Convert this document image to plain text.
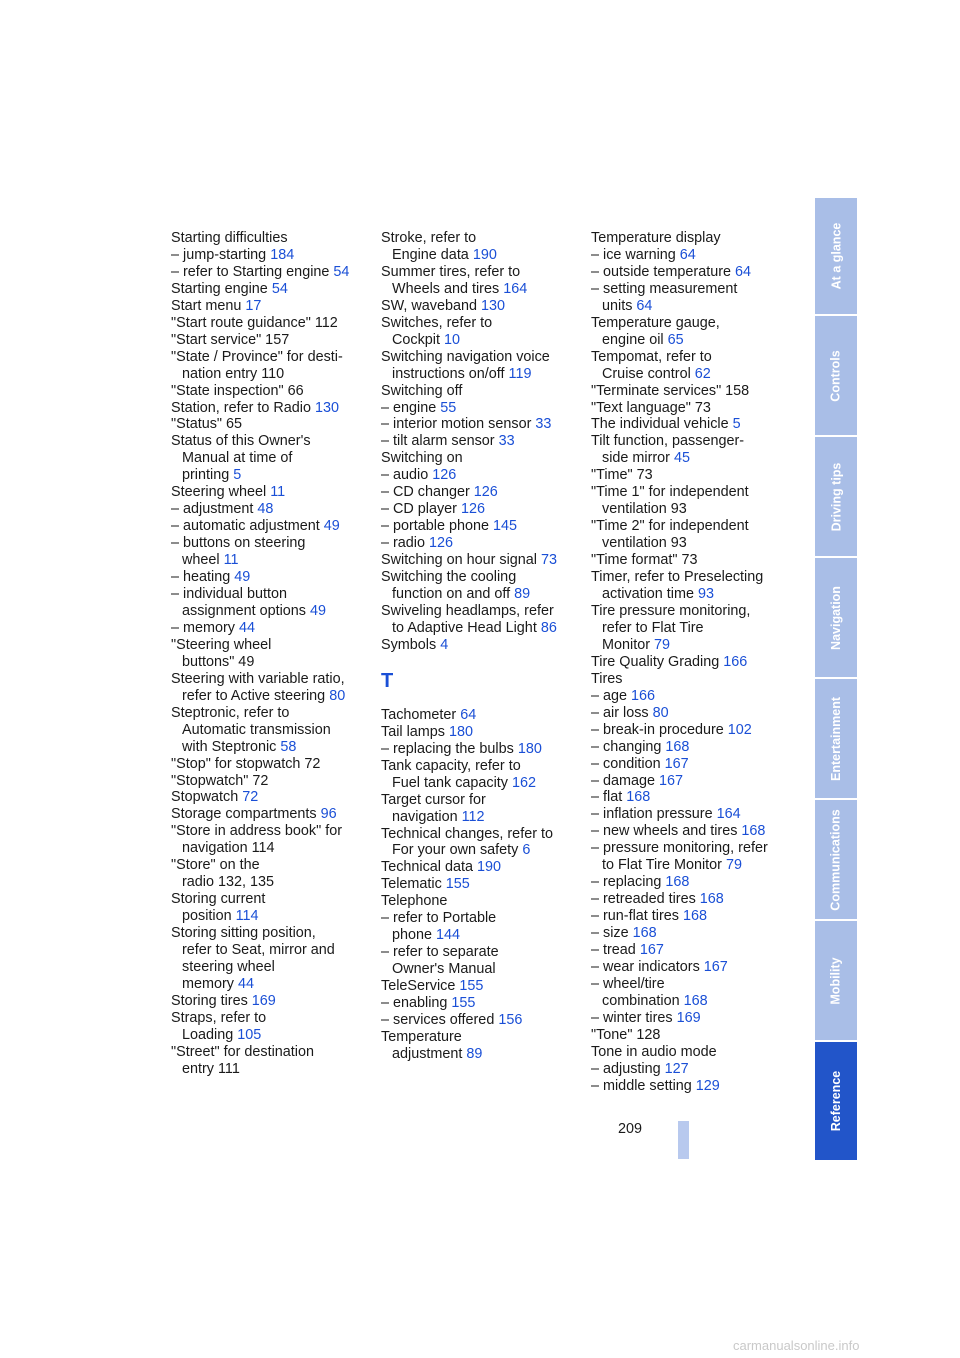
Starting difficulties
– jump-starting 184
– refer to Starting engine 54
Starting engine 54
Start menu 17
"Start route guidance" 112
"Start service" 157
"State / Province" for desti-
nation entry 110
"State inspection" 66
Station, refer to Radio 130
"Status" 65
Status of this Owner's
Manual at time of
printing 5
Steering wheel 11
– adjustment 48
– automatic adjustment 49
– buttons on steering
wheel 11
– heating 49
– individual button
assignment options 49
– memory 44
"Steering wheel
buttons" 49
Steering with variable ratio,
refer to Active steering 80
Steptronic, refer to
Automatic transmission
with Steptronic 58
"Stop" for stopwatch 72
"Stopwatch" 72
Stopwatch 72
Storage compartments 96
"Store in address book" for
navigation 114
"Store" on the
radio 132, 135
Storing current
position 114
Storing sitting position,
refer to Seat, mirror and
steering wheel
memory 44
Storing tires 169
Straps, refer to
Loading 105
"Street" for destination
entry 111
Stroke, refer to
Engine data 190
Summer tires, refer to
Wheels and tires 164
SW, waveband 130
Switches, refer to
Cockpit 10
Switching navigation voice
instructions on/off 119
Switching off
– engine 55
– interior motion sensor 33
– tilt alarm sensor 33
Switching on
– audio 126
– CD changer 126
– CD player 126
– portable phone 145
– radio 126
Switching on hour signal 73
Switching the cooling
function on and off 89
Swiveling headlamps, refer
to Adaptive Head Light 86
Symbols 4
T
Tachometer 64
Tail lamps 180
– replacing the bulbs 180
Tank capacity, refer to
Fuel tank capacity 162
Target cursor for
navigation 112
Technical changes, refer to
For your own safety 6
Technical data 190
Telematic 155
Telephone
– refer to Portable
phone 144
– refer to separate
Owner's Manual
TeleService 155
– enabling 155
– services offered 156
Temperature
adjustment 89
Temperature display
– ice warning 64
– outside temperature 64
– setting measurement
units 64
Temperature gauge,
engine oil 65
Tempomat, refer to
Cruise control 62
"Terminate services" 158
"Text language" 73
The individual vehicle 5
Tilt function, passenger-
side mirror 45
"Time" 73
"Time 1" for independent
ventilation 93
"Time 2" for independent
ventilation 93
"Time format" 73
Timer, refer to Preselecting
activation time 93
Tire pressure monitoring,
refer to Flat Tire
Monitor 79
Tire Quality Grading 166
Tires
– age 166
– air loss 80
– break-in procedure 102
– changing 168
– condition 167
– damage 167
– flat 168
– inflation pressure 164
– new wheels and tires 168
– pressure monitoring, refer
to Flat Tire Monitor 79
– replacing 168
– retreaded tires 168
– run-flat tires 168
– size 168
– tread 167
– wear indicators 167
– wheel/tire
combination 168
– winter tires 169
"Tone" 128
Tone in audio mode
– adjusting 127
– middle setting 129
At a glance
Controls
Driving tips
Navigation
Entertainment
Communications
Mobility
Reference
209
carmanualsonline.info
